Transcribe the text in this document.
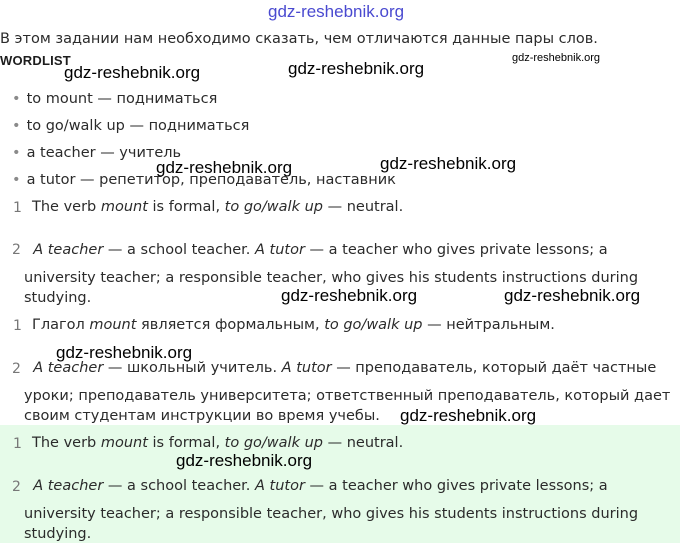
gdz-reshebnik.org
В этом задании нам необходимо сказать, чем отличаются данные пары слов.
WORDLIST
gdz-reshebnik.org	gdz-reshebnik.org
gdz-reshebnik.org
• to mount — подниматься
• to go/walk up — подниматься
• a teacher — учитель
• a tutor — репетитор, преподаватель, наставник
gdz-reshebnik.org	gdz-reshebnik.org
1 The verb mount is formal, to go/walk up — neutral.
2 A teacher — a school teacher. A tutor — a teacher who gives private lessons; a
university teacher; a responsible teacher, who gives his students instructions during
studying.	gdz-reshebnik.org	gdz-reshebnik.org
1 Глагол mount является формальным, to go/walk up — нейтральным.
gdz-reshebnik.org
2 A teacher — школьный учитель. A tutor — преподаватель, который даёт частные
уроки; преподаватель университета; ответственный преподаватель, который дает
своим студентам инструкции во время учебы.	gdz-reshebnik.org
1 The verb mount is formal, to go/walk up — neutral.
gdz-reshebnik.org
2 A teacher — a school teacher. A tutor — a teacher who gives private lessons; a
university teacher; a responsible teacher, who gives his students instructions during
studying.
